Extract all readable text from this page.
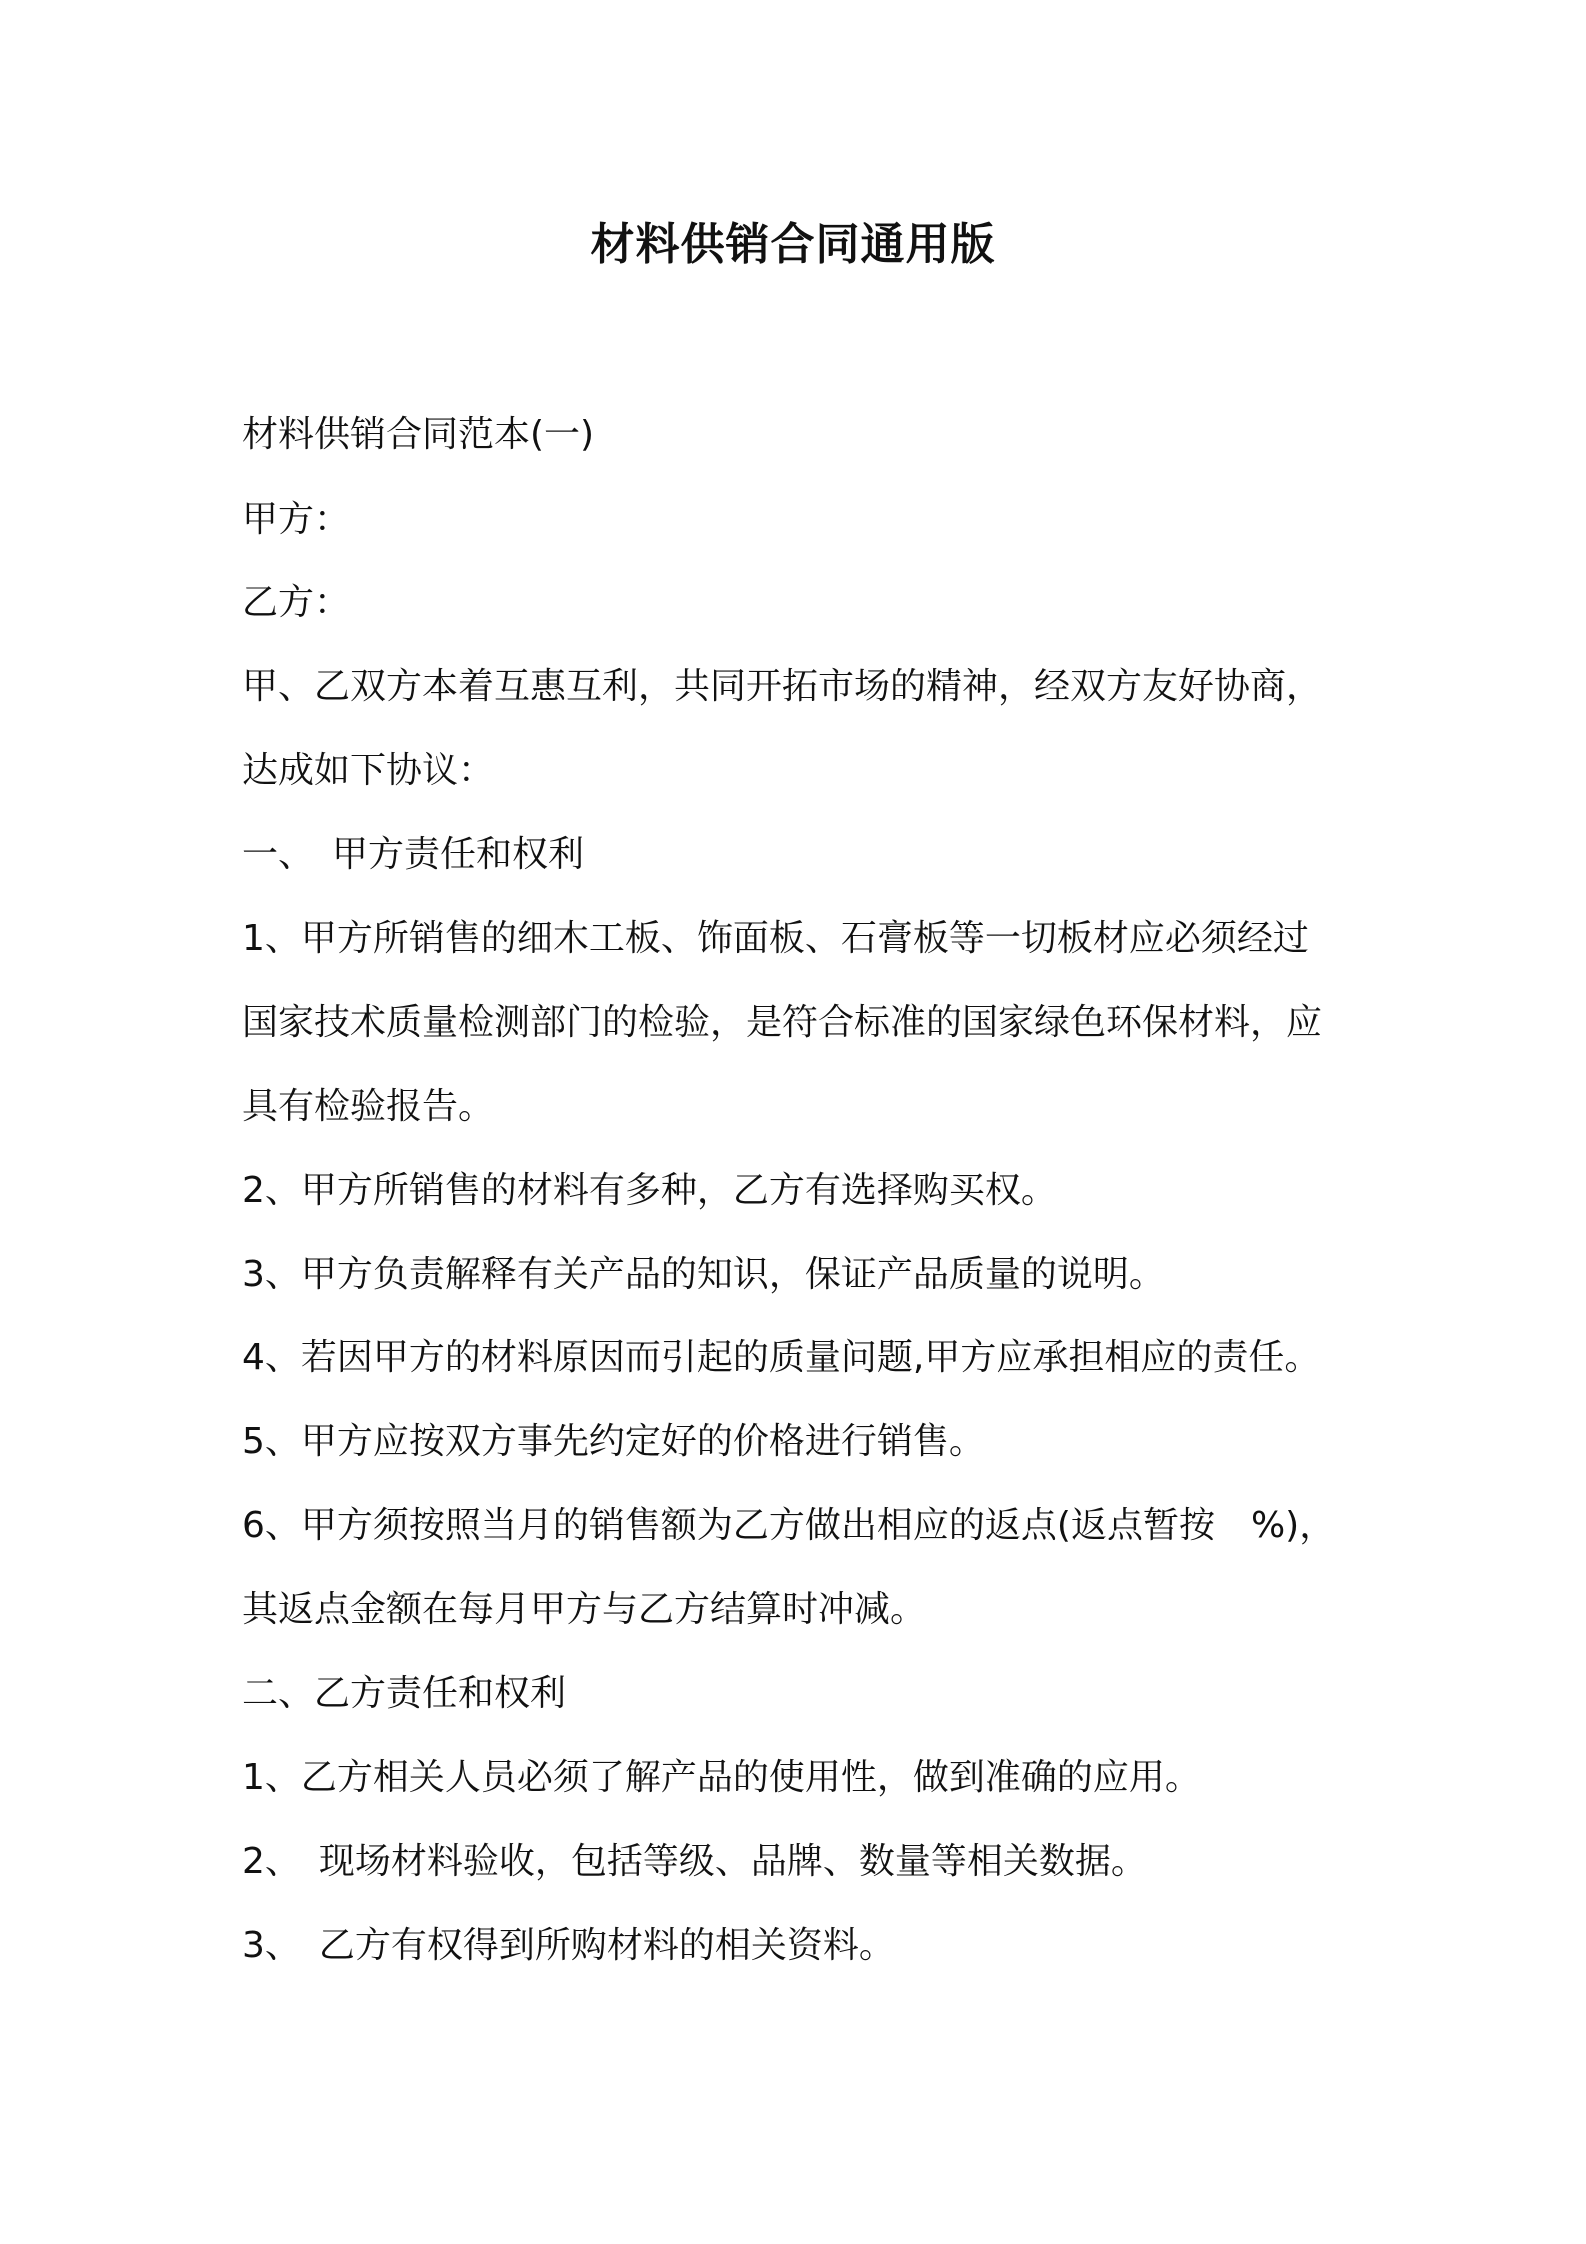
材料供销合同通用版
材料供销合同范本(一)
甲方：
乙方：
甲、乙双方本着互惠互利，共同开拓市场的精神，经双方友好协商，
达成如下协议：
一、　甲方责任和权利
1、甲方所销售的细木工板、饰面板、石膏板等一切板材应必须经过
国家技术质量检测部门的检验，是符合标准的国家绿色环保材料，应
具有检验报告。
2、甲方所销售的材料有多种，乙方有选择购买权。
3、甲方负责解释有关产品的知识，保证产品质量的说明。
4、若因甲方的材料原因而引起的质量问题,甲方应承担相应的责任。
5、甲方应按双方事先约定好的价格进行销售。
6、甲方须按照当月的销售额为乙方做出相应的返点(返点暂按　%)，
其返点金额在每月甲方与乙方结算时冲减。
二、乙方责任和权利
1、乙方相关人员必须了解产品的使用性，做到准确的应用。
2、　现场材料验收，包括等级、品牌、数量等相关数据。
3、　乙方有权得到所购材料的相关资料。
